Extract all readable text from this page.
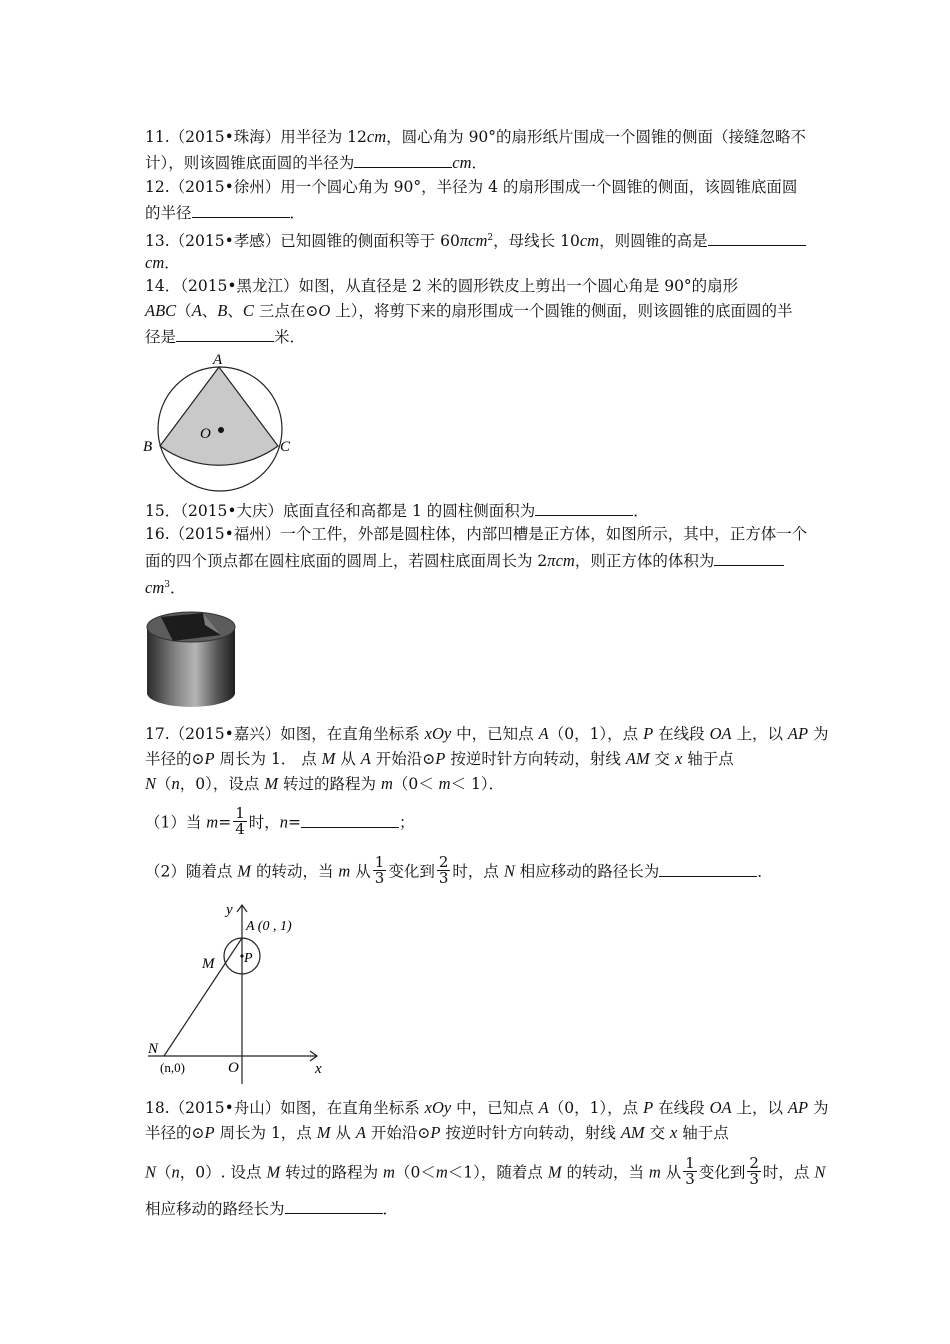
11.（2015•珠海）用半径为 12cm，圆心角为 90°的扇形纸片围成一个圆锥的侧面（接缝忽略不
计），则该圆锥底面圆的半径为	cm．
12.（2015•徐州）用一个圆心角为 90°，半径为 4 的扇形围成一个圆锥的侧面，该圆锥底面圆
的半径	．
13.（2015•孝感）已知圆锥的侧面积等于 60πcm$^2$，母线长 10cm，则圆锥的高是
cm．
14．（2015•黑龙江）如图，从直径是 2 米的圆形铁皮上剪出一个圆心角是 90°的扇形
ABC（A、B、C 三点在⊙O 上），将剪下来的扇形围成一个圆锥的侧面，则该圆锥的底面圆的半
径是	米．
A
B	C
O
15．（2015•大庆）底面直径和高都是 1 的圆柱侧面积为	．
16.（2015•福州）一个工件，外部是圆柱体，内部凹槽是正方体，如图所示，其中，正方体一个
面的四个顶点都在圆柱底面的圆周上，若圆柱底面周长为 2πcm，则正方体的体积为
$cm^3$．
17.（2015•嘉兴）如图，在直角坐标系 xOy 中，已知点 A（0，1），点 P 在线段 OA 上，以 AP 为
半径的⊙P 周长为 1． 点 M 从 A 开始沿⊙P 按逆时针方向转动，射线 AM 交 x 轴于点
N（n，0），设点 M 转过的路程为 m（0＜ m＜ 1）．
（1）当 $m= \frac{1}{4}$ 时，n=	；
（2）随着点 M 的转动，当 m 从 $\frac{1}{3}$ 变化到 $\frac{2}{3}$ 时，点 N 相应移动的路径长为	．
y
x
A (0 , 1)
P
M
N
O
(n,0)
18.（2015•舟山）如图，在直角坐标系 xOy 中，已知点 A（0，1），点 P 在线段 OA 上，以 AP 为
半径的⊙P 周长为 1，点 M 从 A 开始沿⊙P 按逆时针方向转动，射线 AM 交 x 轴于点
N（n，0）. 设点 M 转过的路程为 m（0＜m＜1），随着点 M 的转动，当 m 从 $\frac{1}{3}$ 变化到 $\frac{2}{3}$ 时，点 N
相应移动的路经长为	．
